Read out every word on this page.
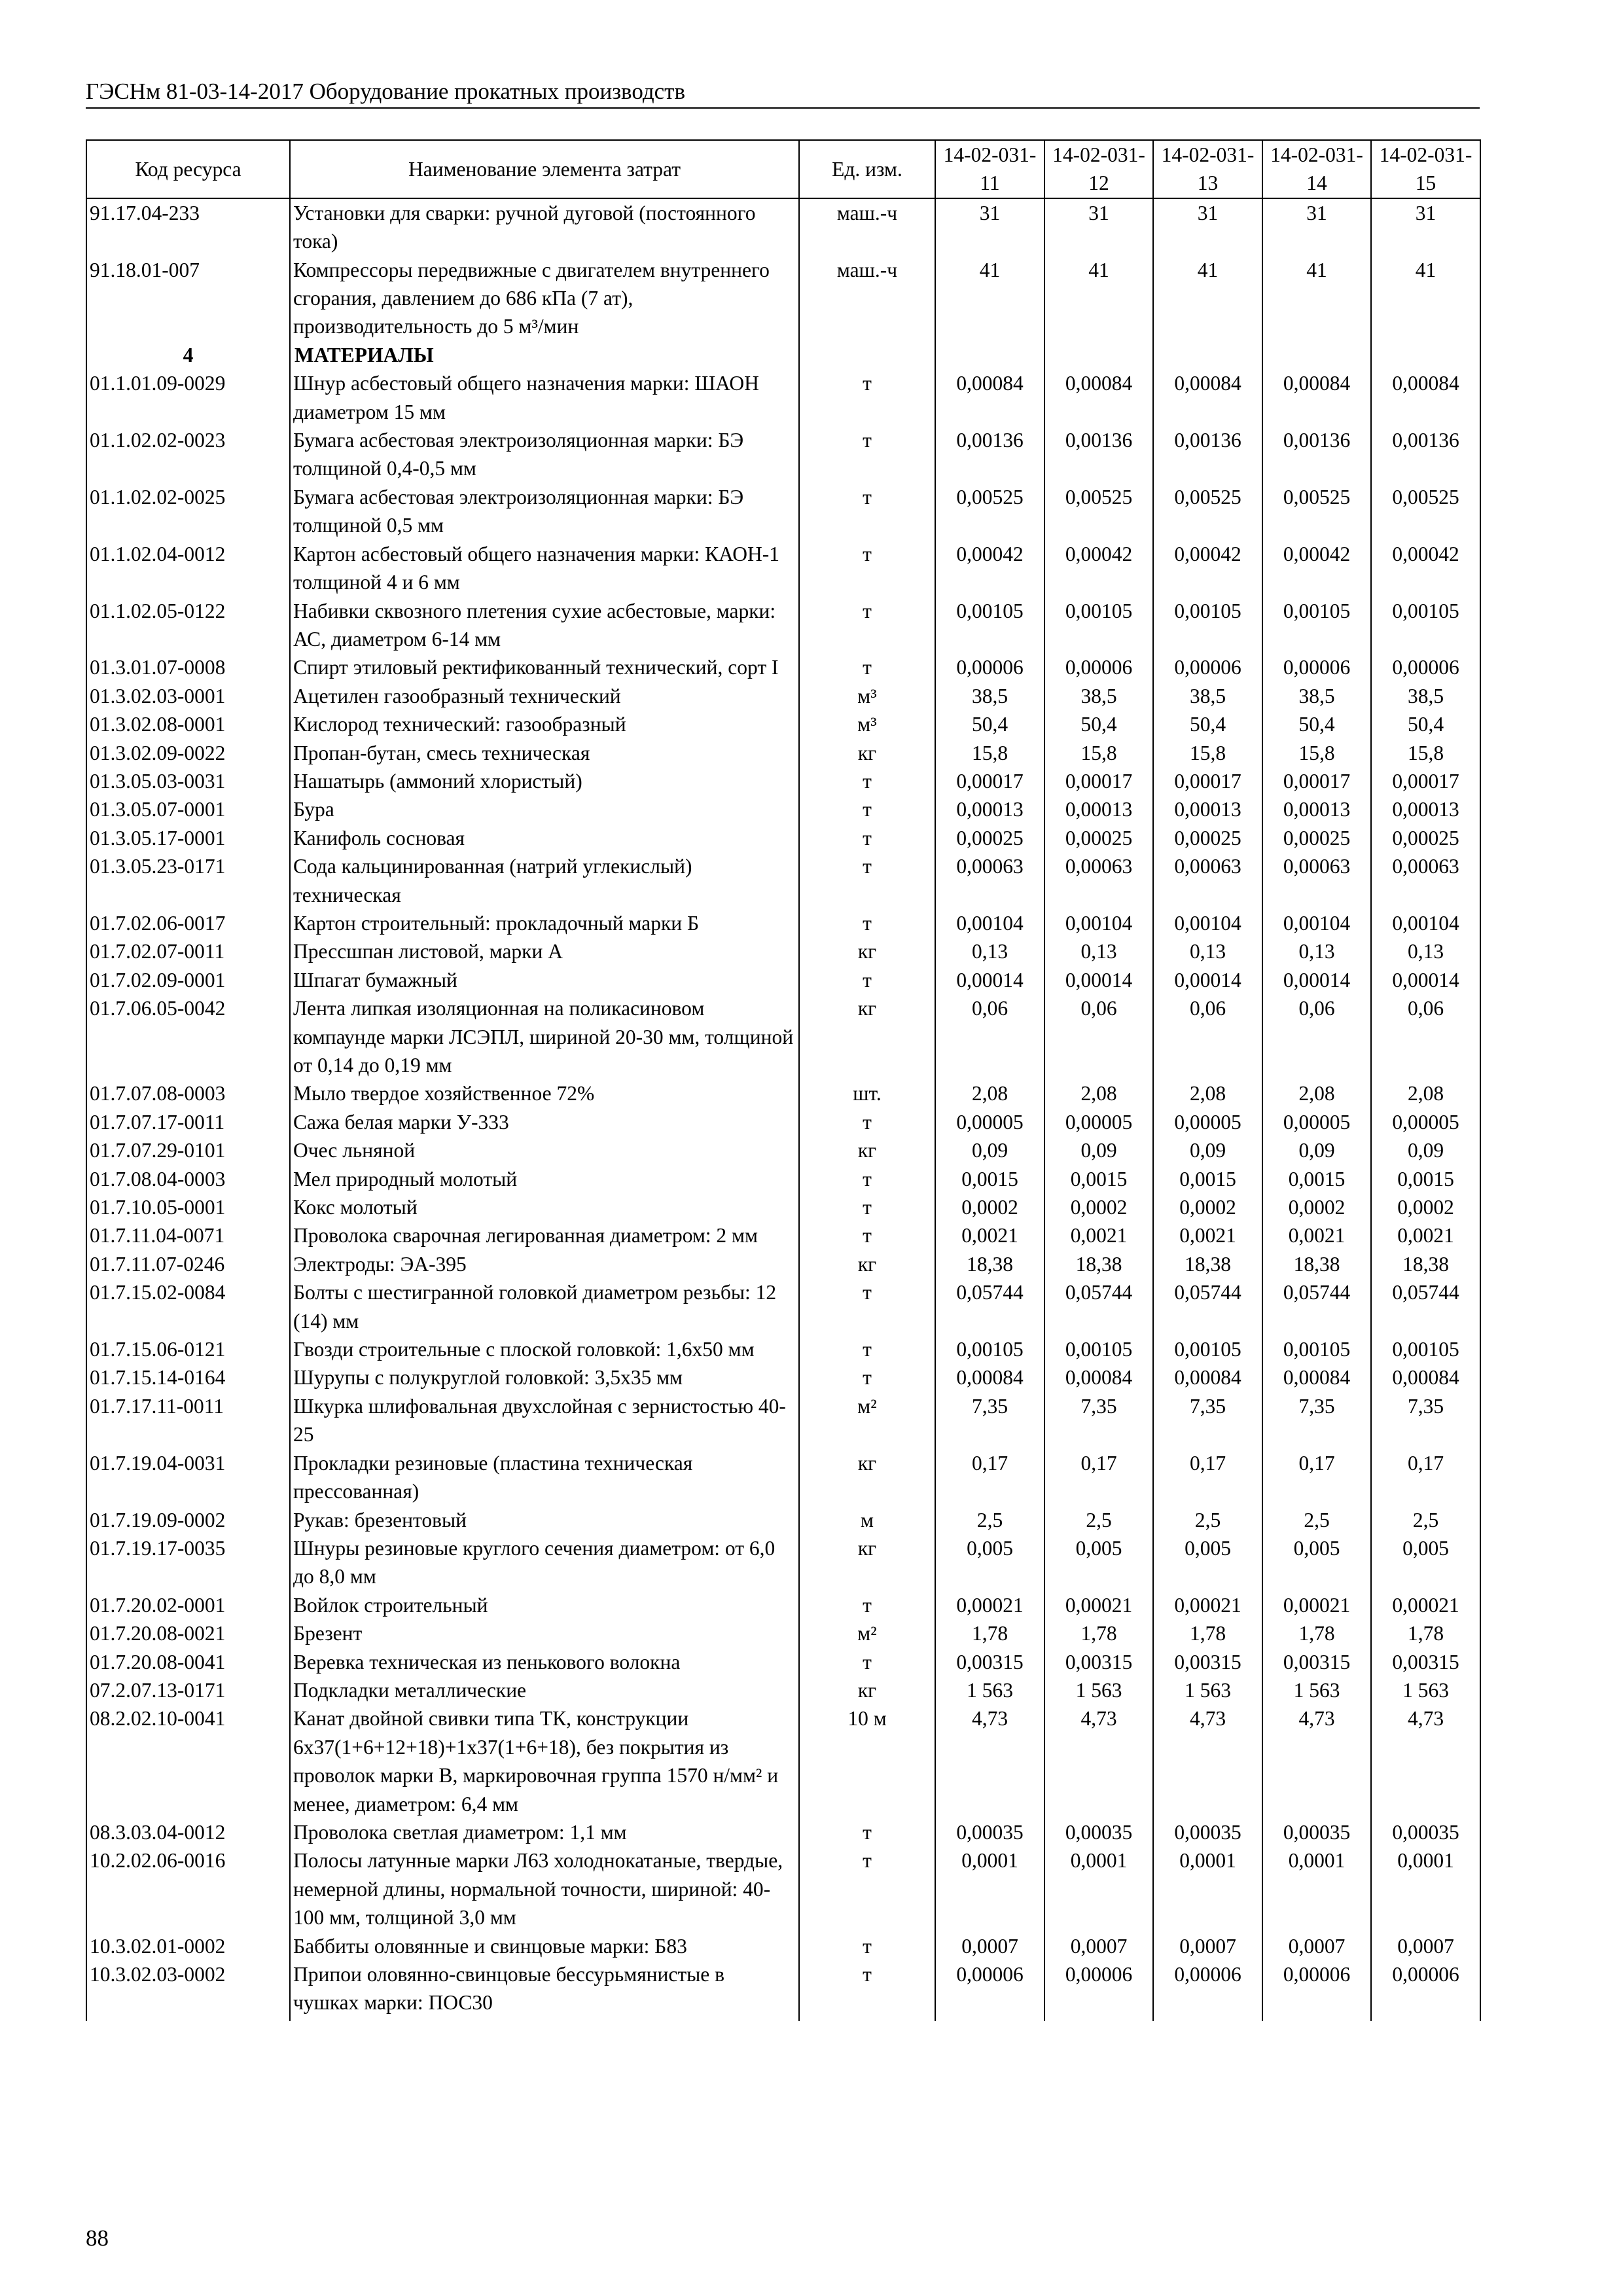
ГЭСНм 81-03-14-2017 Оборудование прокатных производств
Код ресурса	Наименование элемента затрат	Ед. изм.	14-02-031-11	14-02-031-12	14-02-031-13	14-02-031-14	14-02-031-15
91.17.04-233	Установки для сварки: ручной дуговой (постоянного тока)	маш.-ч	31	31	31	31	31
91.18.01-007	Компрессоры передвижные с двигателем внутреннего сгорания, давлением до 686 кПа (7 ат), производительность до 5 м³/мин	маш.-ч	41	41	41	41	41
4	МАТЕРИАЛЫ						
01.1.01.09-0029	Шнур асбестовый общего назначения марки: ШАОН диаметром 15 мм	т	0,00084	0,00084	0,00084	0,00084	0,00084
01.1.02.02-0023	Бумага асбестовая электроизоляционная марки: БЭ толщиной 0,4-0,5 мм	т	0,00136	0,00136	0,00136	0,00136	0,00136
01.1.02.02-0025	Бумага асбестовая электроизоляционная марки: БЭ толщиной 0,5 мм	т	0,00525	0,00525	0,00525	0,00525	0,00525
01.1.02.04-0012	Картон асбестовый общего назначения марки: КАОН-1 толщиной 4 и 6 мм	т	0,00042	0,00042	0,00042	0,00042	0,00042
01.1.02.05-0122	Набивки сквозного плетения сухие асбестовые, марки: АС, диаметром 6-14 мм	т	0,00105	0,00105	0,00105	0,00105	0,00105
01.3.01.07-0008	Спирт этиловый ректификованный технический, сорт I	т	0,00006	0,00006	0,00006	0,00006	0,00006
01.3.02.03-0001	Ацетилен газообразный технический	м³	38,5	38,5	38,5	38,5	38,5
01.3.02.08-0001	Кислород технический: газообразный	м³	50,4	50,4	50,4	50,4	50,4
01.3.02.09-0022	Пропан-бутан, смесь техническая	кг	15,8	15,8	15,8	15,8	15,8
01.3.05.03-0031	Нашатырь (аммоний хлористый)	т	0,00017	0,00017	0,00017	0,00017	0,00017
01.3.05.07-0001	Бура	т	0,00013	0,00013	0,00013	0,00013	0,00013
01.3.05.17-0001	Канифоль сосновая	т	0,00025	0,00025	0,00025	0,00025	0,00025
01.3.05.23-0171	Сода кальцинированная (натрий углекислый) техническая	т	0,00063	0,00063	0,00063	0,00063	0,00063
01.7.02.06-0017	Картон строительный: прокладочный марки Б	т	0,00104	0,00104	0,00104	0,00104	0,00104
01.7.02.07-0011	Прессшпан листовой, марки А	кг	0,13	0,13	0,13	0,13	0,13
01.7.02.09-0001	Шпагат бумажный	т	0,00014	0,00014	0,00014	0,00014	0,00014
01.7.06.05-0042	Лента липкая изоляционная на поликасиновом компаунде марки ЛСЭПЛ, шириной 20-30 мм, толщиной от 0,14 до 0,19 мм	кг	0,06	0,06	0,06	0,06	0,06
01.7.07.08-0003	Мыло твердое хозяйственное 72%	шт.	2,08	2,08	2,08	2,08	2,08
01.7.07.17-0011	Сажа белая марки У-333	т	0,00005	0,00005	0,00005	0,00005	0,00005
01.7.07.29-0101	Очес льняной	кг	0,09	0,09	0,09	0,09	0,09
01.7.08.04-0003	Мел природный молотый	т	0,0015	0,0015	0,0015	0,0015	0,0015
01.7.10.05-0001	Кокс молотый	т	0,0002	0,0002	0,0002	0,0002	0,0002
01.7.11.04-0071	Проволока сварочная легированная диаметром: 2 мм	т	0,0021	0,0021	0,0021	0,0021	0,0021
01.7.11.07-0246	Электроды: ЭА-395	кг	18,38	18,38	18,38	18,38	18,38
01.7.15.02-0084	Болты с шестигранной головкой диаметром резьбы: 12 (14) мм	т	0,05744	0,05744	0,05744	0,05744	0,05744
01.7.15.06-0121	Гвозди строительные с плоской головкой: 1,6х50 мм	т	0,00105	0,00105	0,00105	0,00105	0,00105
01.7.15.14-0164	Шурупы с полукруглой головкой: 3,5х35 мм	т	0,00084	0,00084	0,00084	0,00084	0,00084
01.7.17.11-0011	Шкурка шлифовальная двухслойная с зернистостью 40-25	м²	7,35	7,35	7,35	7,35	7,35
01.7.19.04-0031	Прокладки резиновые (пластина техническая прессованная)	кг	0,17	0,17	0,17	0,17	0,17
01.7.19.09-0002	Рукав: брезентовый	м	2,5	2,5	2,5	2,5	2,5
01.7.19.17-0035	Шнуры резиновые круглого сечения диаметром: от 6,0 до 8,0 мм	кг	0,005	0,005	0,005	0,005	0,005
01.7.20.02-0001	Войлок строительный	т	0,00021	0,00021	0,00021	0,00021	0,00021
01.7.20.08-0021	Брезент	м²	1,78	1,78	1,78	1,78	1,78
01.7.20.08-0041	Веревка техническая из пенькового волокна	т	0,00315	0,00315	0,00315	0,00315	0,00315
07.2.07.13-0171	Подкладки металлические	кг	1 563	1 563	1 563	1 563	1 563
08.2.02.10-0041	Канат двойной свивки типа ТК, конструкции 6х37(1+6+12+18)+1х37(1+6+18), без покрытия из проволок марки В, маркировочная группа 1570 н/мм² и менее, диаметром: 6,4 мм	10 м	4,73	4,73	4,73	4,73	4,73
08.3.03.04-0012	Проволока светлая диаметром: 1,1 мм	т	0,00035	0,00035	0,00035	0,00035	0,00035
10.2.02.06-0016	Полосы латунные марки Л63 холоднокатаные, твердые, немерной длины, нормальной точности, шириной: 40-100 мм, толщиной 3,0 мм	т	0,0001	0,0001	0,0001	0,0001	0,0001
10.3.02.01-0002	Баббиты оловянные и свинцовые марки: Б83	т	0,0007	0,0007	0,0007	0,0007	0,0007
10.3.02.03-0002	Припои оловянно-свинцовые бессурьмянистые в чушках марки: ПОС30	т	0,00006	0,00006	0,00006	0,00006	0,00006
88
